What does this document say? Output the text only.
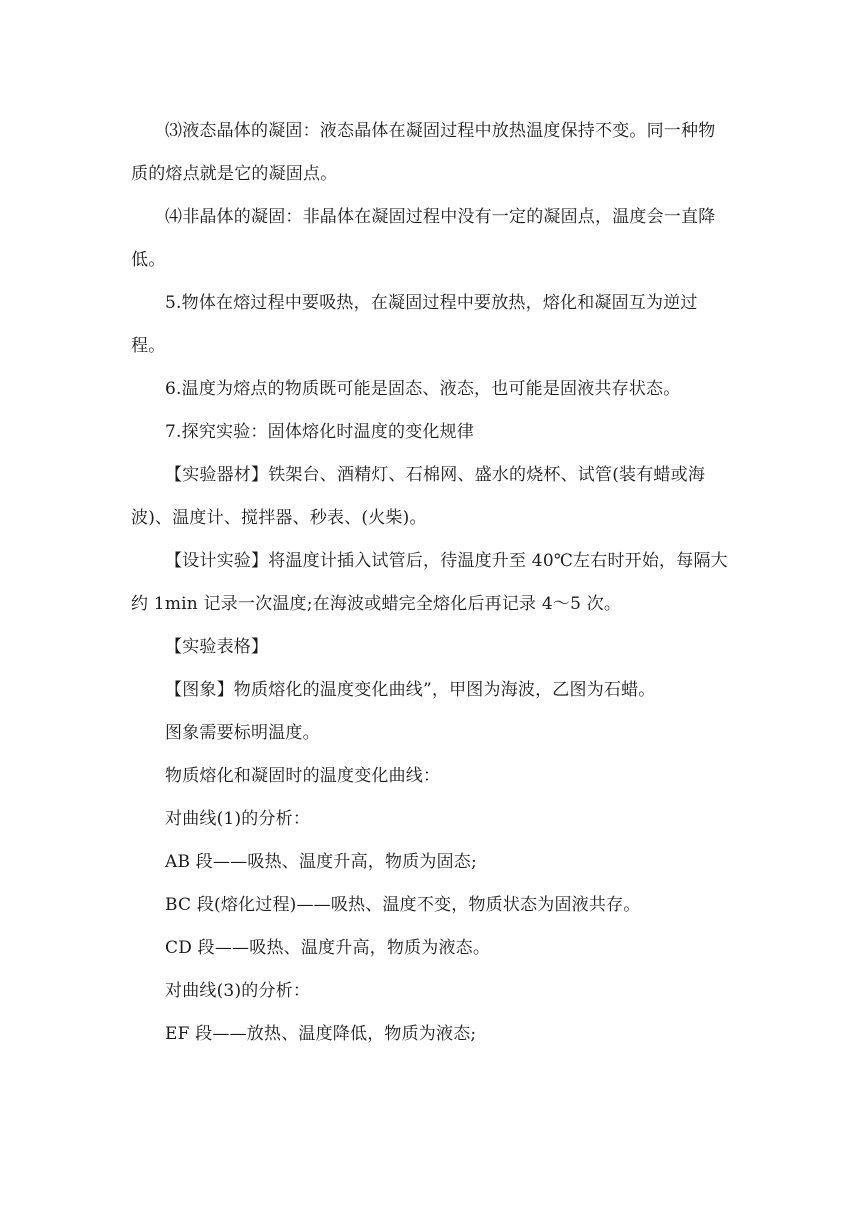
⑶液态晶体的凝固：液态晶体在凝固过程中放热温度保持不变。同一种物质的熔点就是它的凝固点。

⑷非晶体的凝固：非晶体在凝固过程中没有一定的凝固点，温度会一直降低。

5.物体在熔过程中要吸热，在凝固过程中要放热，熔化和凝固互为逆过程。

6.温度为熔点的物质既可能是固态、液态，也可能是固液共存状态。

7.探究实验：固体熔化时温度的变化规律

【实验器材】铁架台、酒精灯、石棉网、盛水的烧杯、试管(装有蜡或海波)、温度计、搅拌器、秒表、(火柴)。

【设计实验】将温度计插入试管后，待温度升至 40℃左右时开始，每隔大约 1min 记录一次温度;在海波或蜡完全熔化后再记录 4～5 次。

【实验表格】

【图象】物质熔化的温度变化曲线”，甲图为海波，乙图为石蜡。

图象需要标明温度。

物质熔化和凝固时的温度变化曲线：

对曲线(1)的分析：

AB 段——吸热、温度升高，物质为固态;

BC 段(熔化过程)——吸热、温度不变，物质状态为固液共存。

CD 段——吸热、温度升高，物质为液态。

对曲线(3)的分析：

EF 段——放热、温度降低，物质为液态;
